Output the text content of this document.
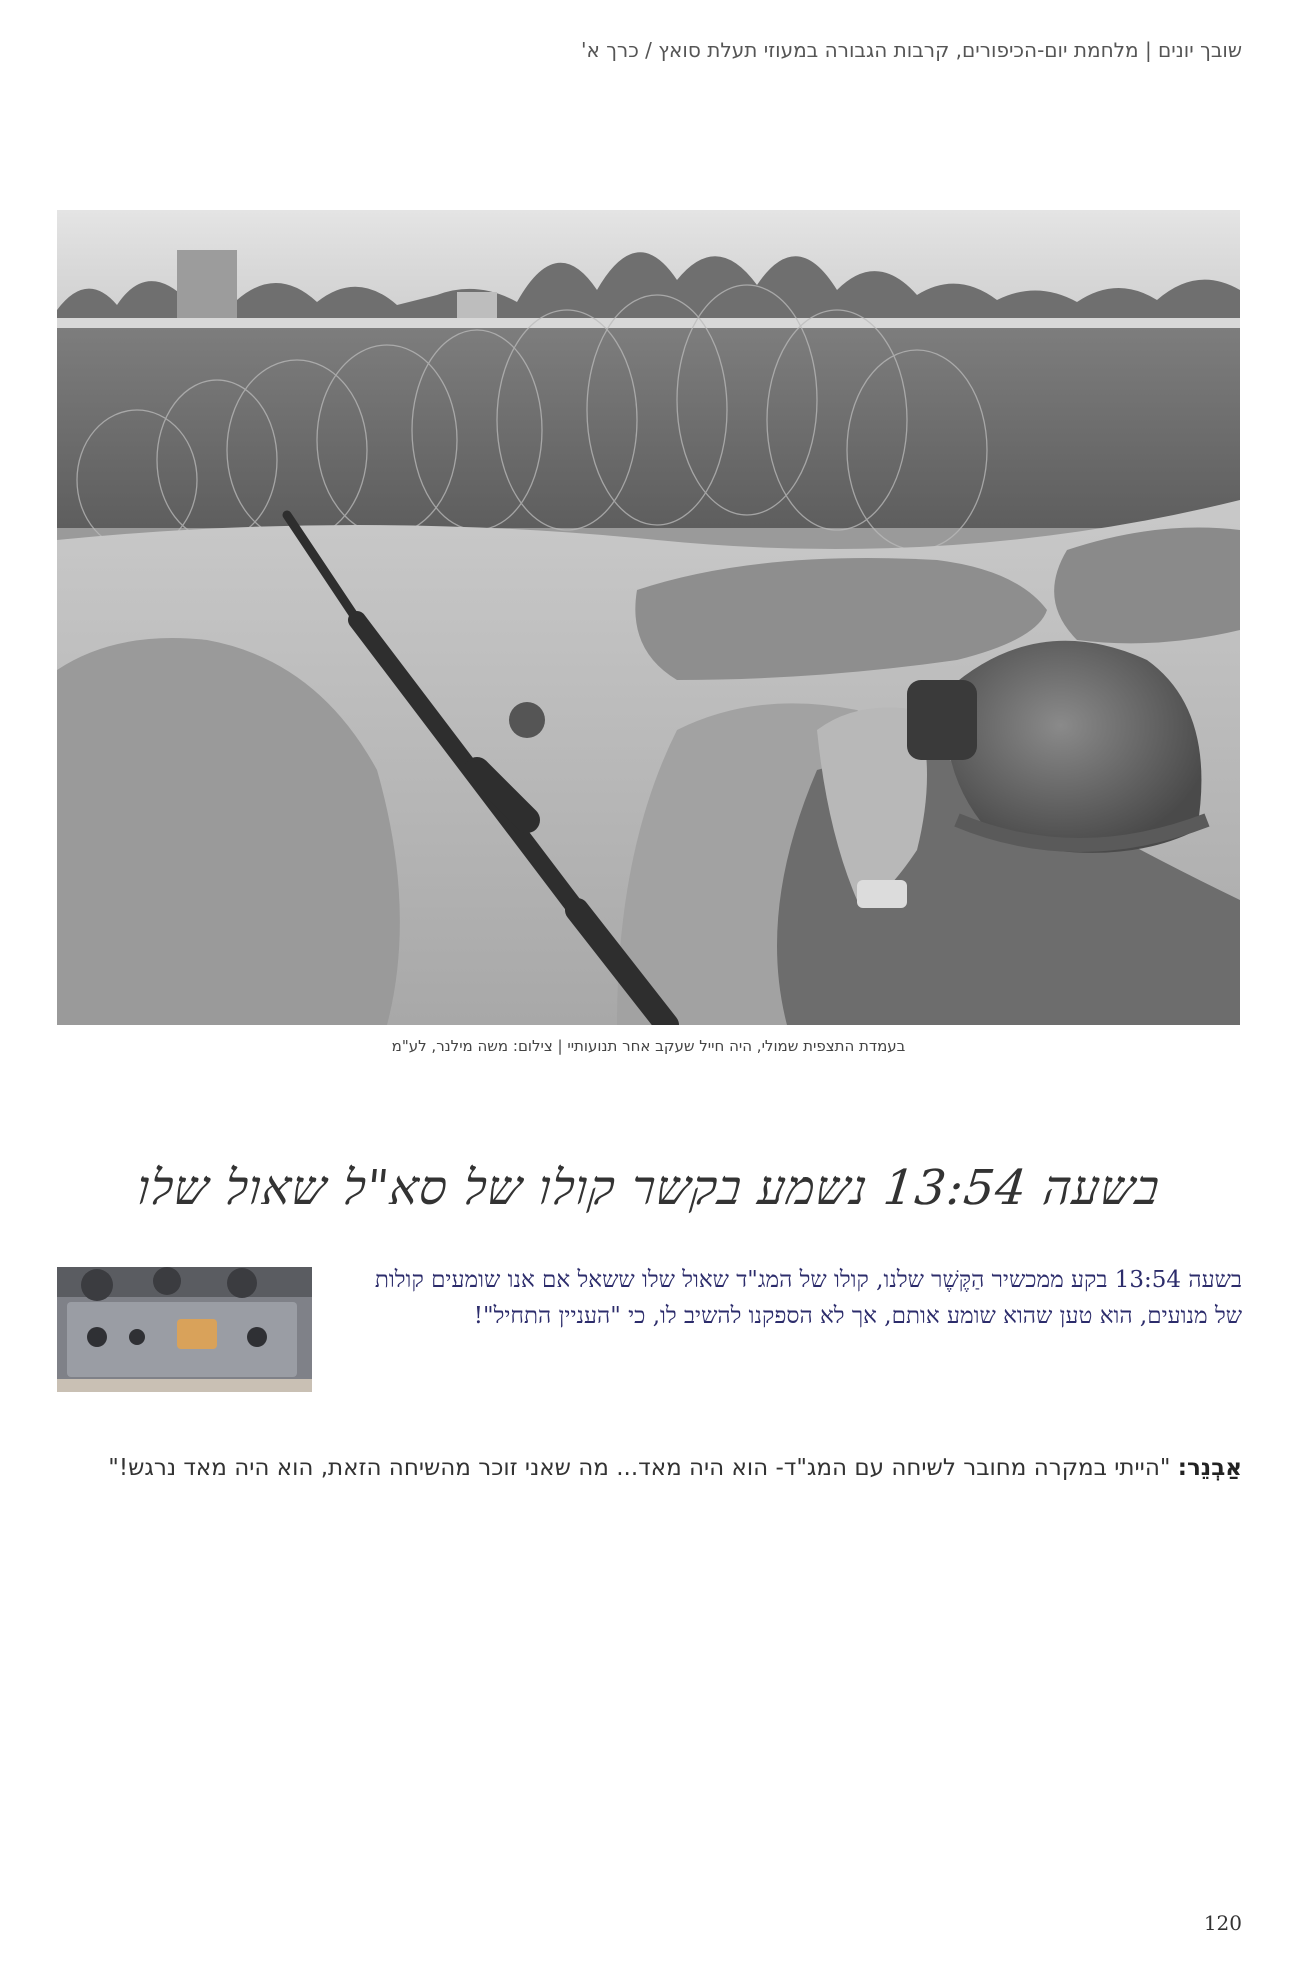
שובך יונים | מלחמת יום-הכיפורים, קרבות הגבורה במעוזי תעלת סואץ / כרך א'
בעמדת התצפית שמולי, היה חייל שעקב אחר תנועותיי | צילום: משה מילנר, לע"מ
בשעה 13:54 נשמע בקשר קולו של סא"ל שאול שלו
בשעה 13:54 בקע ממכשיר הַקֶּשֶׁר שלנו, קולו של המג"ד שאול שלו ששאל אם אנו שומעים קולות של מנועים, הוא טען שהוא שומע אותם, אך לא הספקנו להשיב לו, כי "העניין התחיל"!
אַבְנֵר: "הייתי במקרה מחובר לשיחה עם המג"ד- הוא היה מאד... מה שאני זוכר מהשיחה הזאת, הוא היה מאד נרגש!"
120
